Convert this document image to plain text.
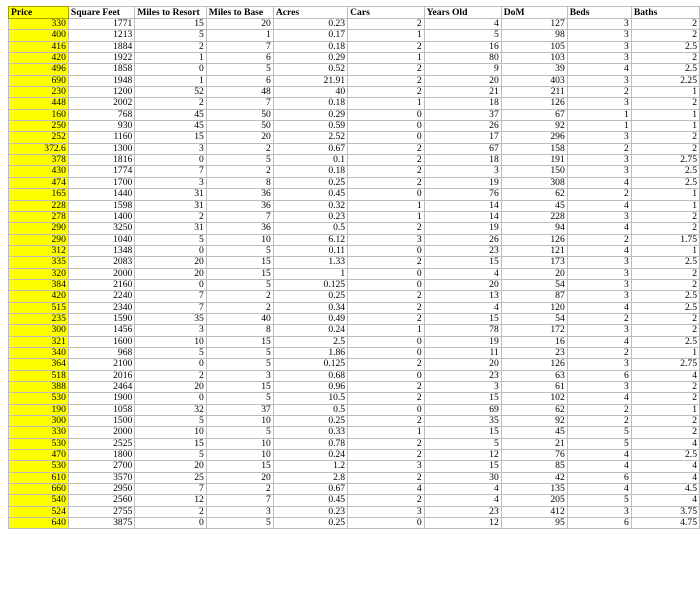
Price	Square Feet	Miles to Resort	Miles to Base	Acres	Cars	Years Old	DoM	Beds	Baths
330	1771	15	20	0.23	2	4	127	3	2
400	1213	5	1	0.17	1	5	98	3	2
416	1884	2	7	0.18	2	16	105	3	2.5
420	1922	1	6	0.29	1	80	103	3	2
496	1858	0	5	0.52	2	9	39	4	2.5
690	1948	1	6	21.91	2	20	403	3	2.25
230	1200	52	48	40	2	21	211	2	1
448	2002	2	7	0.18	1	18	126	3	2
160	768	45	50	0.29	0	37	67	1	1
250	930	45	50	0.59	0	26	92	1	1
252	1160	15	20	2.52	0	17	296	3	2
372.6	1300	3	2	0.67	2	67	158	2	2
378	1816	0	5	0.1	2	18	191	3	2.75
430	1774	7	2	0.18	2	3	150	3	2.5
474	1700	3	8	0.25	2	19	308	4	2.5
165	1440	31	36	0.45	0	76	62	2	1
228	1598	31	36	0.32	1	14	45	4	1
278	1400	2	7	0.23	1	14	228	3	2
290	3250	31	36	0.5	2	19	94	4	2
290	1040	5	10	6.12	3	26	126	2	1.75
312	1348	0	5	0.11	0	23	121	4	1
335	2083	20	15	1.33	2	15	173	3	2.5
320	2000	20	15	1	0	4	20	3	2
384	2160	0	5	0.125	0	20	54	3	2
420	2240	7	2	0.25	2	13	87	3	2.5
515	2340	7	2	0.34	2	4	120	4	2.5
235	1590	35	40	0.49	2	15	54	2	2
300	1456	3	8	0.24	1	78	172	3	2
321	1600	10	15	2.5	0	19	16	4	2.5
340	968	5	5	1.86	0	11	23	2	1
364	2100	0	5	0.125	2	20	126	3	2.75
518	2016	2	3	0.68	0	23	63	6	4
388	2464	20	15	0.96	2	3	61	3	2
530	1900	0	5	10.5	2	15	102	4	2
190	1058	32	37	0.5	0	69	62	2	1
300	1500	5	10	0.25	2	35	92	2	2
330	2000	10	5	0.33	1	15	45	5	2
530	2525	15	10	0.78	2	5	21	5	4
470	1800	5	10	0.24	2	12	76	4	2.5
530	2700	20	15	1.2	3	15	85	4	4
610	3570	25	20	2.8	2	30	42	6	4
660	2950	7	2	0.67	4	4	135	4	4.5
540	2560	12	7	0.45	2	4	205	5	4
524	2755	2	3	0.23	3	23	412	3	3.75
640	3875	0	5	0.25	0	12	95	6	4.75
